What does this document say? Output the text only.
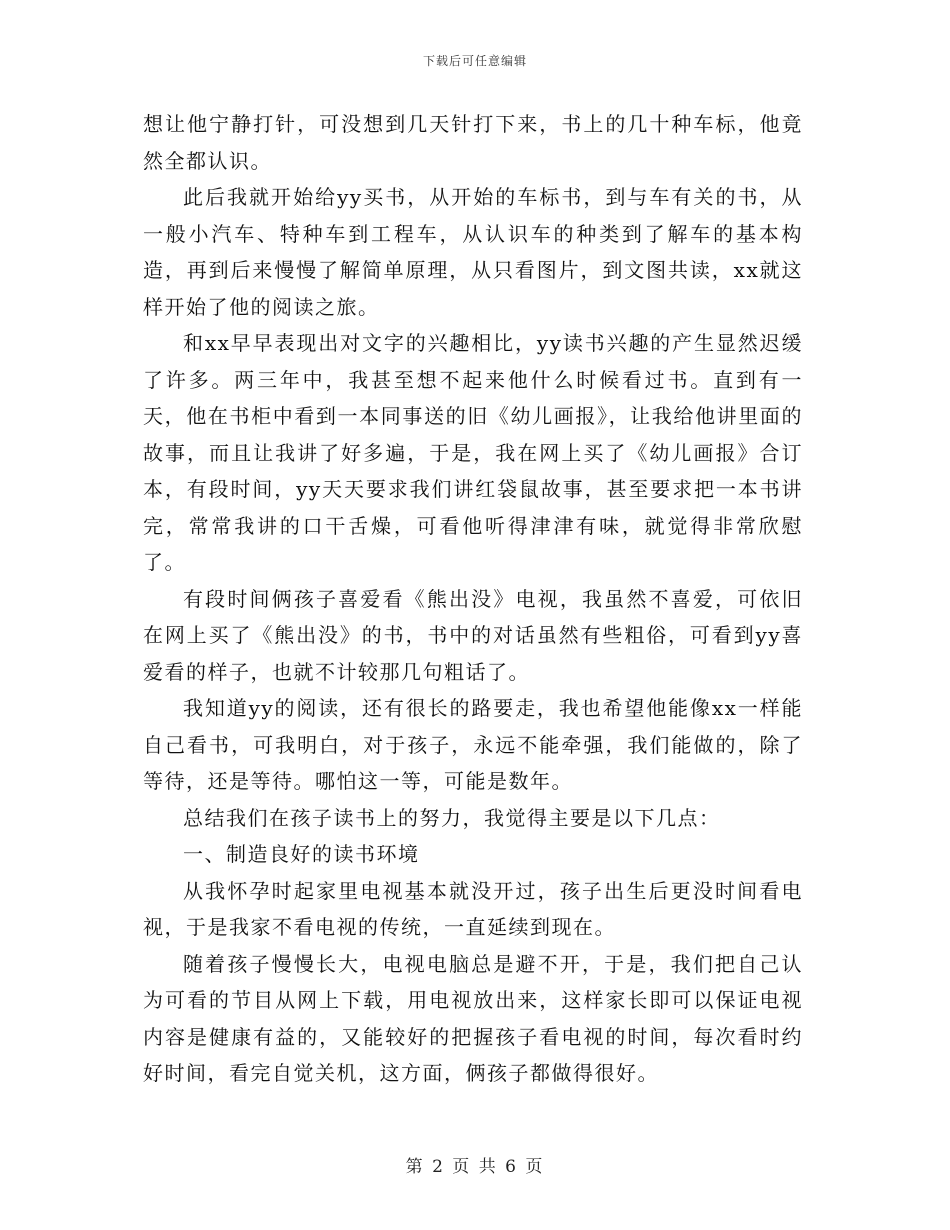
下载后可任意编辑

想让他宁静打针，可没想到几天针打下来，书上的几十种车标，他竟然全都认识。

此后我就开始给yy买书，从开始的车标书，到与车有关的书，从一般小汽车、特种车到工程车，从认识车的种类到了解车的基本构造，再到后来慢慢了解简单原理，从只看图片，到文图共读，xx就这样开始了他的阅读之旅。

和xx早早表现出对文字的兴趣相比，yy读书兴趣的产生显然迟缓了许多。两三年中，我甚至想不起来他什么时候看过书。直到有一天，他在书柜中看到一本同事送的旧《幼儿画报》，让我给他讲里面的故事，而且让我讲了好多遍，于是，我在网上买了《幼儿画报》合订本，有段时间，yy天天要求我们讲红袋鼠故事，甚至要求把一本书讲完，常常我讲的口干舌燥，可看他听得津津有味，就觉得非常欣慰了。

有段时间俩孩子喜爱看《熊出没》电视，我虽然不喜爱，可依旧在网上买了《熊出没》的书，书中的对话虽然有些粗俗，可看到yy喜爱看的样子，也就不计较那几句粗话了。

我知道yy的阅读，还有很长的路要走，我也希望他能像xx一样能自己看书，可我明白，对于孩子，永远不能牵强，我们能做的，除了等待，还是等待。哪怕这一等，可能是数年。

总结我们在孩子读书上的努力，我觉得主要是以下几点：

一、制造良好的读书环境

从我怀孕时起家里电视基本就没开过，孩子出生后更没时间看电视，于是我家不看电视的传统，一直延续到现在。

随着孩子慢慢长大，电视电脑总是避不开，于是，我们把自己认为可看的节目从网上下载，用电视放出来，这样家长即可以保证电视内容是健康有益的，又能较好的把握孩子看电视的时间，每次看时约好时间，看完自觉关机，这方面，俩孩子都做得很好。

第 2 页 共 6 页
